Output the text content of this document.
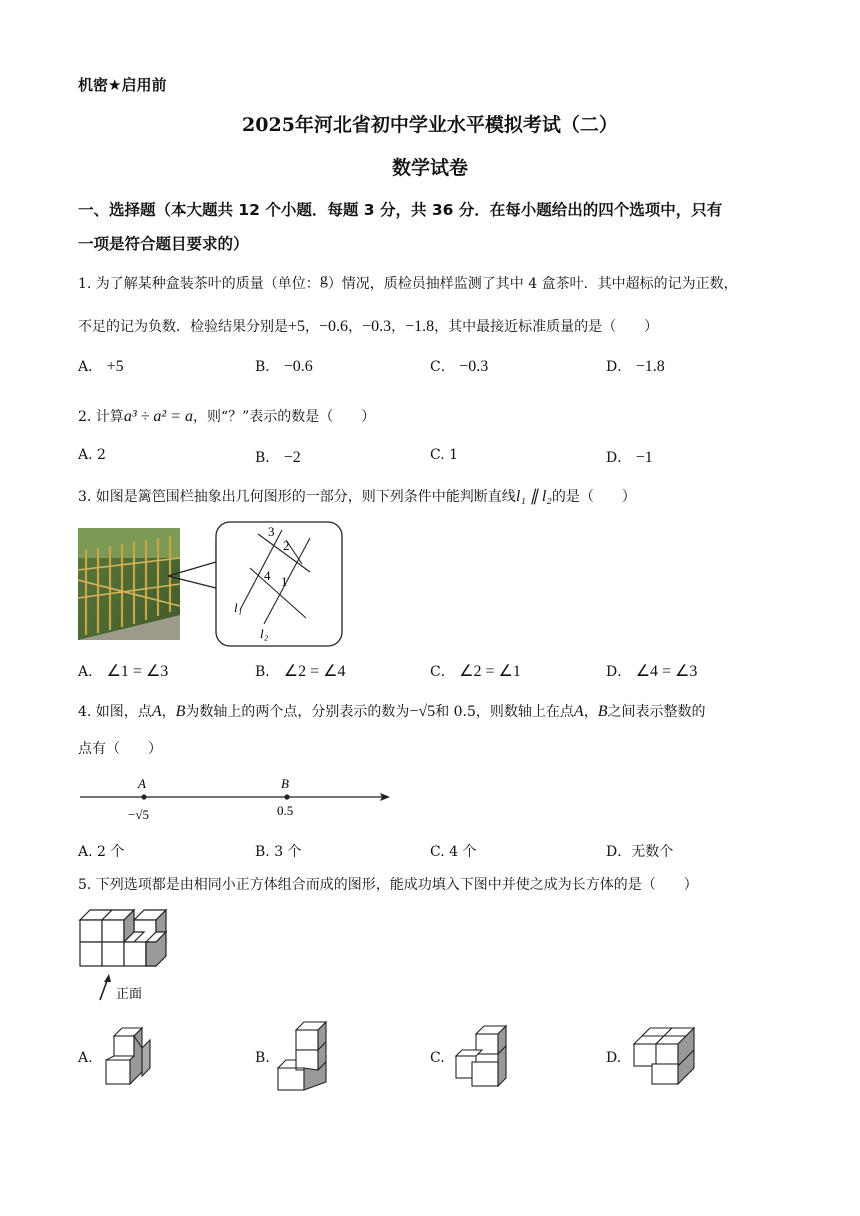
机密★启用前
2025年河北省初中学业水平模拟考试（二）
数学试卷
一、选择题（本大题共 12 个小题．每题 3 分，共 36 分．在每小题给出的四个选项中，只有
一项是符合题目要求的）
1. 为了解某种盒装茶叶的质量（单位：g）情况，质检员抽样监测了其中 4 盒茶叶．其中超标的记为正数，
不足的记为负数．检验结果分别是+5，−0.6，−0.3，−1.8，其中最接近标准质量的是（　　）
A． +5	B． −0.6	C． −0.3	D． −1.8
2. 计算a³ ÷ a² = a，则“？”表示的数是（　　）
A. 2	B． −2	C. 1	D． −1
3. 如图是篱笆围栏抽象出几何图形的一部分，则下列条件中能判断直线l₁ ∥ l₂的是（　　）
3
2
4 1
l₁
l₂
A． ∠1 = ∠3	B． ∠2 = ∠4	C． ∠2 = ∠1	D． ∠4 = ∠3
4. 如图，点A，B为数轴上的两个点，分别表示的数为−√5和 0.5，则数轴上在点A，B之间表示整数的
点有（　　）
A	B
−√5	0.5
A. 2 个	B. 3 个	C. 4 个	D．无数个
5. 下列选项都是由相同小正方体组合而成的图形，能成功填入下图中并使之成为长方体的是（　　）
正面
A.	B.	C.	D.
